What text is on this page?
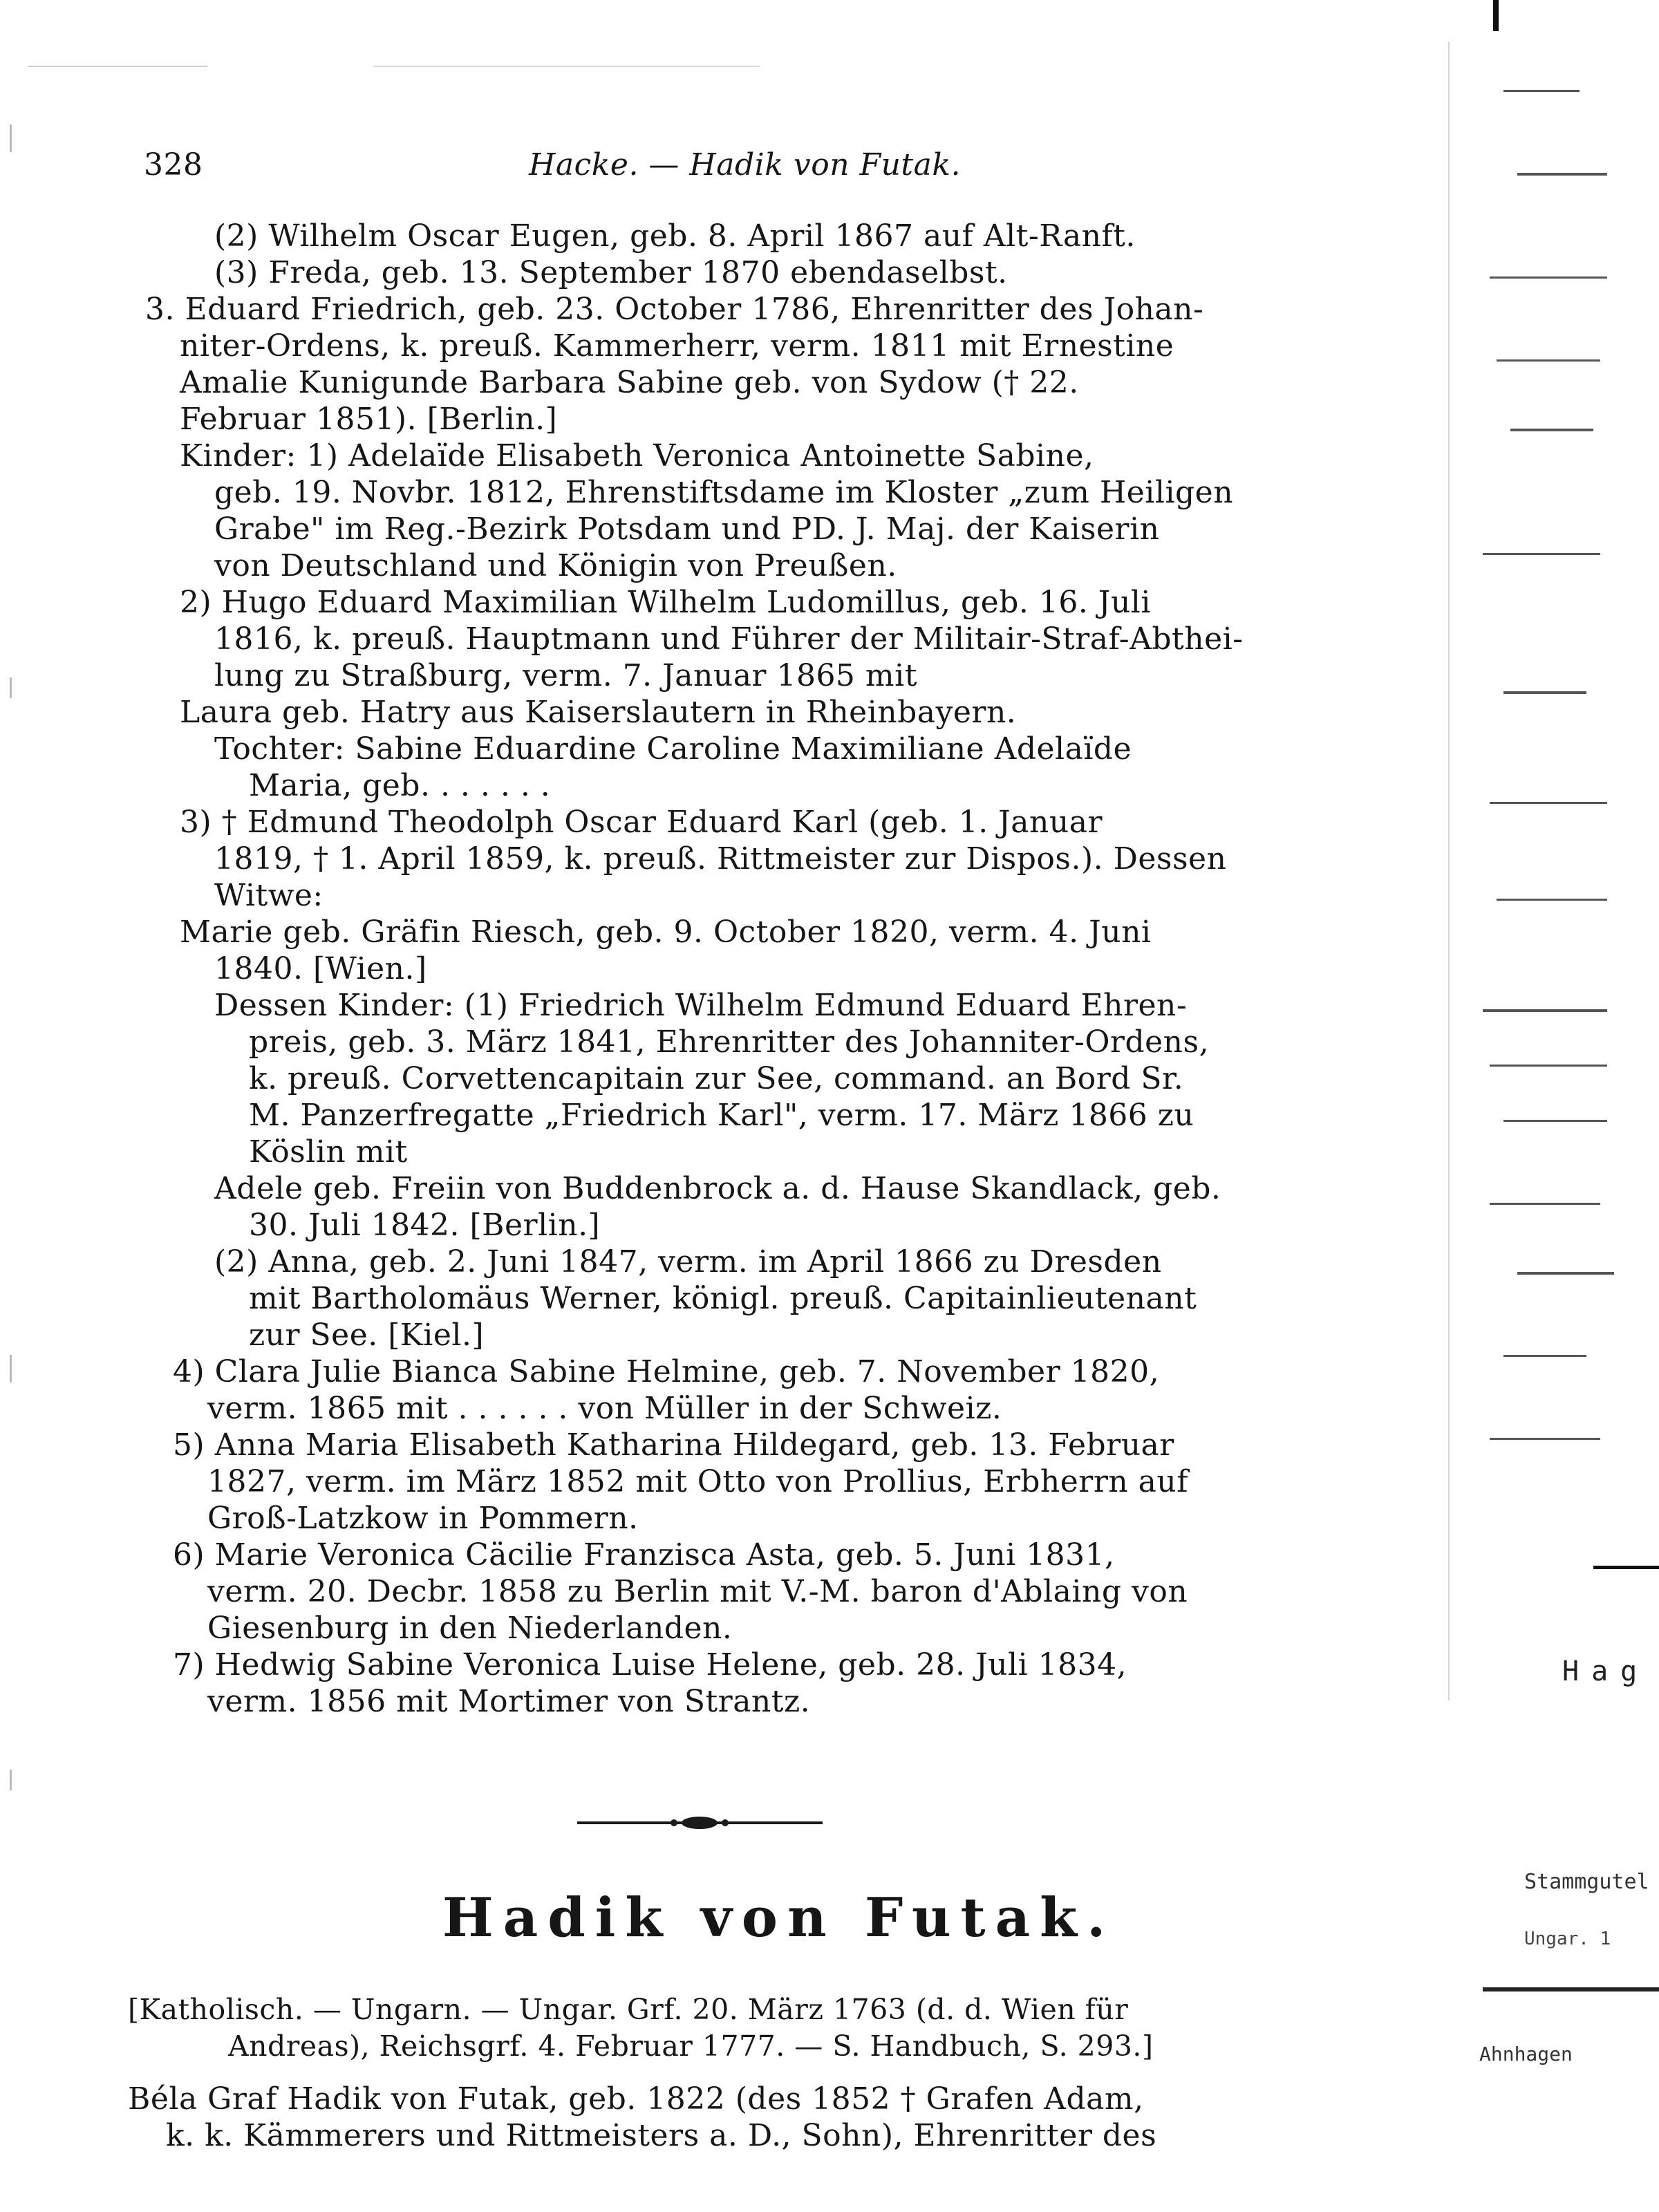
328	Hacke. — Hadik von Futak.
(2) Wilhelm Oscar Eugen, geb. 8. April 1867 auf Alt-Ranft.
(3) Freda, geb. 13. September 1870 ebendaselbst.
3. Eduard Friedrich, geb. 23. October 1786, Ehrenritter des Johan-
niter-Ordens, k. preuß. Kammerherr, verm. 1811 mit Ernestine
Amalie Kunigunde Barbara Sabine geb. von Sydow († 22.
Februar 1851). [Berlin.]
Kinder: 1) Adelaïde Elisabeth Veronica Antoinette Sabine,
geb. 19. Novbr. 1812, Ehrenstiftsdame im Kloster „zum Heiligen
Grabe" im Reg.-Bezirk Potsdam und PD. J. Maj. der Kaiserin
von Deutschland und Königin von Preußen.
2) Hugo Eduard Maximilian Wilhelm Ludomillus, geb. 16. Juli
1816, k. preuß. Hauptmann und Führer der Militair-Straf-Abthei-
lung zu Straßburg, verm. 7. Januar 1865 mit
Laura geb. Hatry aus Kaiserslautern in Rheinbayern.
Tochter: Sabine Eduardine Caroline Maximiliane Adelaïde
Maria, geb. . . . . . .
3) † Edmund Theodolph Oscar Eduard Karl (geb. 1. Januar
1819, † 1. April 1859, k. preuß. Rittmeister zur Dispos.). Dessen
Witwe:
Marie geb. Gräfin Riesch, geb. 9. October 1820, verm. 4. Juni
1840. [Wien.]
Dessen Kinder: (1) Friedrich Wilhelm Edmund Eduard Ehren-
preis, geb. 3. März 1841, Ehrenritter des Johanniter-Ordens,
k. preuß. Corvettencapitain zur See, command. an Bord Sr.
M. Panzerfregatte „Friedrich Karl", verm. 17. März 1866 zu
Köslin mit
Adele geb. Freiin von Buddenbrock a. d. Hause Skandlack, geb.
30. Juli 1842. [Berlin.]
(2) Anna, geb. 2. Juni 1847, verm. im April 1866 zu Dresden
mit Bartholomäus Werner, königl. preuß. Capitainlieutenant
zur See. [Kiel.]
4) Clara Julie Bianca Sabine Helmine, geb. 7. November 1820,
verm. 1865 mit . . . . . . von Müller in der Schweiz.
5) Anna Maria Elisabeth Katharina Hildegard, geb. 13. Februar
1827, verm. im März 1852 mit Otto von Prollius, Erbherrn auf
Groß-Latzkow in Pommern.
6) Marie Veronica Cäcilie Franzisca Asta, geb. 5. Juni 1831,
verm. 20. Decbr. 1858 zu Berlin mit V.-M. baron d'Ablaing von
Giesenburg in den Niederlanden.
7) Hedwig Sabine Veronica Luise Helene, geb. 28. Juli 1834,
verm. 1856 mit Mortimer von Strantz.
Hadik von Futak.
[Katholisch. — Ungarn. — Ungar. Grf. 20. März 1763 (d. d. Wien für
Andreas), Reichsgrf. 4. Februar 1777. — S. Handbuch, S. 293.]
Béla Graf Hadik von Futak, geb. 1822 (des 1852 † Grafen Adam,
k. k. Kämmerers und Rittmeisters a. D., Sohn), Ehrenritter des
Hag
Stammgutel
Ahnhagen
Ungar. 1
